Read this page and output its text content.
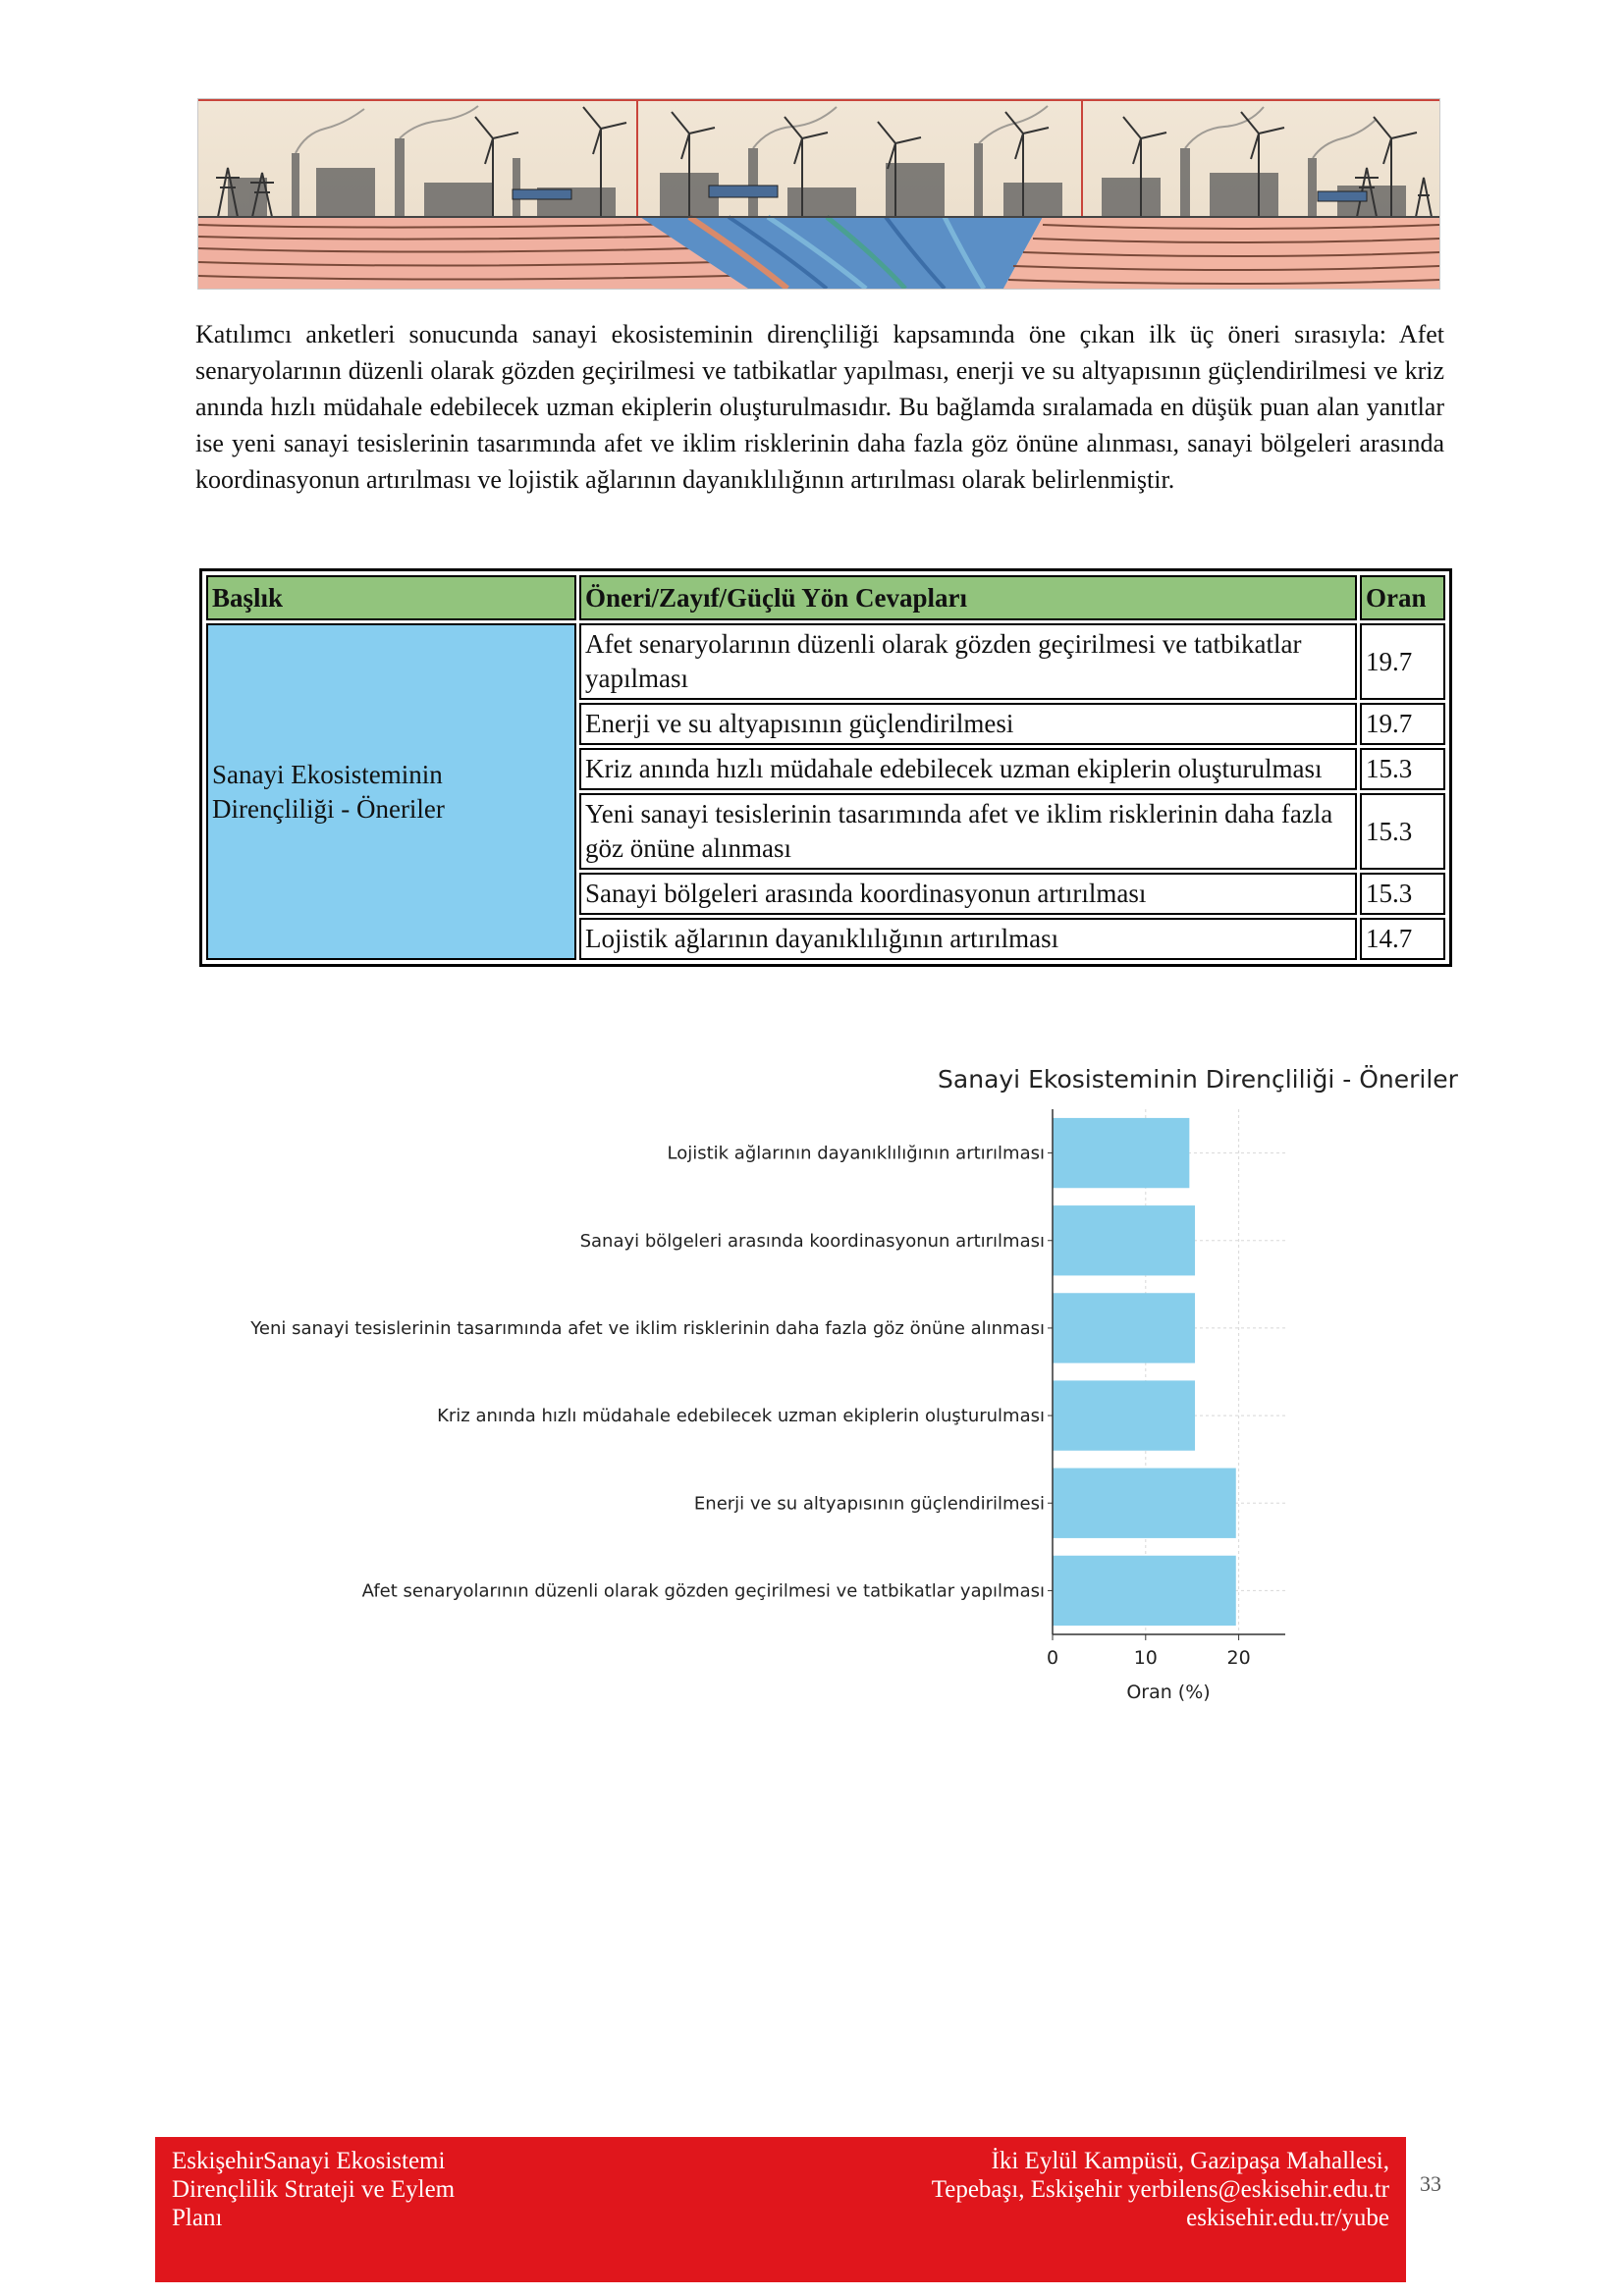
Katılımcı anketleri sonucunda sanayi ekosisteminin dirençliliği kapsamında öne çıkan ilk üç öneri sırasıyla: Afet senaryolarının düzenli olarak gözden geçirilmesi ve tatbikatlar yapılması, enerji ve su altyapısının güçlendirilmesi ve kriz anında hızlı müdahale edebilecek uzman ekiplerin oluşturulmasıdır. Bu bağlamda sıralamada en düşük puan alan yanıtlar ise yeni sanayi tesislerinin tasarımında afet ve iklim risklerinin daha fazla göz önüne alınması, sanayi bölgeleri arasında koordinasyonun artırılması ve lojistik ağlarının dayanıklılığının artırılması olarak belirlenmiştir.

Başlık	Öneri/Zayıf/Güçlü Yön Cevapları	Oran
Sanayi Ekosisteminin Dirençliliği - Öneriler	Afet senaryolarının düzenli olarak gözden geçirilmesi ve tatbikatlar yapılması	19.7
	Enerji ve su altyapısının güçlendirilmesi	19.7
	Kriz anında hızlı müdahale edebilecek uzman ekiplerin oluşturulması	15.3
	Yeni sanayi tesislerinin tasarımında afet ve iklim risklerinin daha fazla göz önüne alınması	15.3
	Sanayi bölgeleri arasında koordinasyonun artırılması	15.3
	Lojistik ağlarının dayanıklılığının artırılması	14.7
Sanayi Ekosisteminin Dirençliliği - Öneriler
Afet senaryolarının düzenli olarak gözden geçirilmesi ve tatbikatlar yapılması
Enerji ve su altyapısının güçlendirilmesi
Kriz anında hızlı müdahale edebilecek uzman ekiplerin oluşturulması
Yeni sanayi tesislerinin tasarımında afet ve iklim risklerinin daha fazla göz önüne alınması
Sanayi bölgeleri arasında koordinasyonun artırılması
Lojistik ağlarının dayanıklılığının artırılması
0	10	20
Oran (%)
EskişehirSanayi Ekosistemi
Dirençlilik Strateji ve Eylem
Planı
İki Eylül Kampüsü, Gazipaşa Mahallesi,
Tepebaşı, Eskişehir yerbilens@eskisehir.edu.tr
eskisehir.edu.tr/yube
33
